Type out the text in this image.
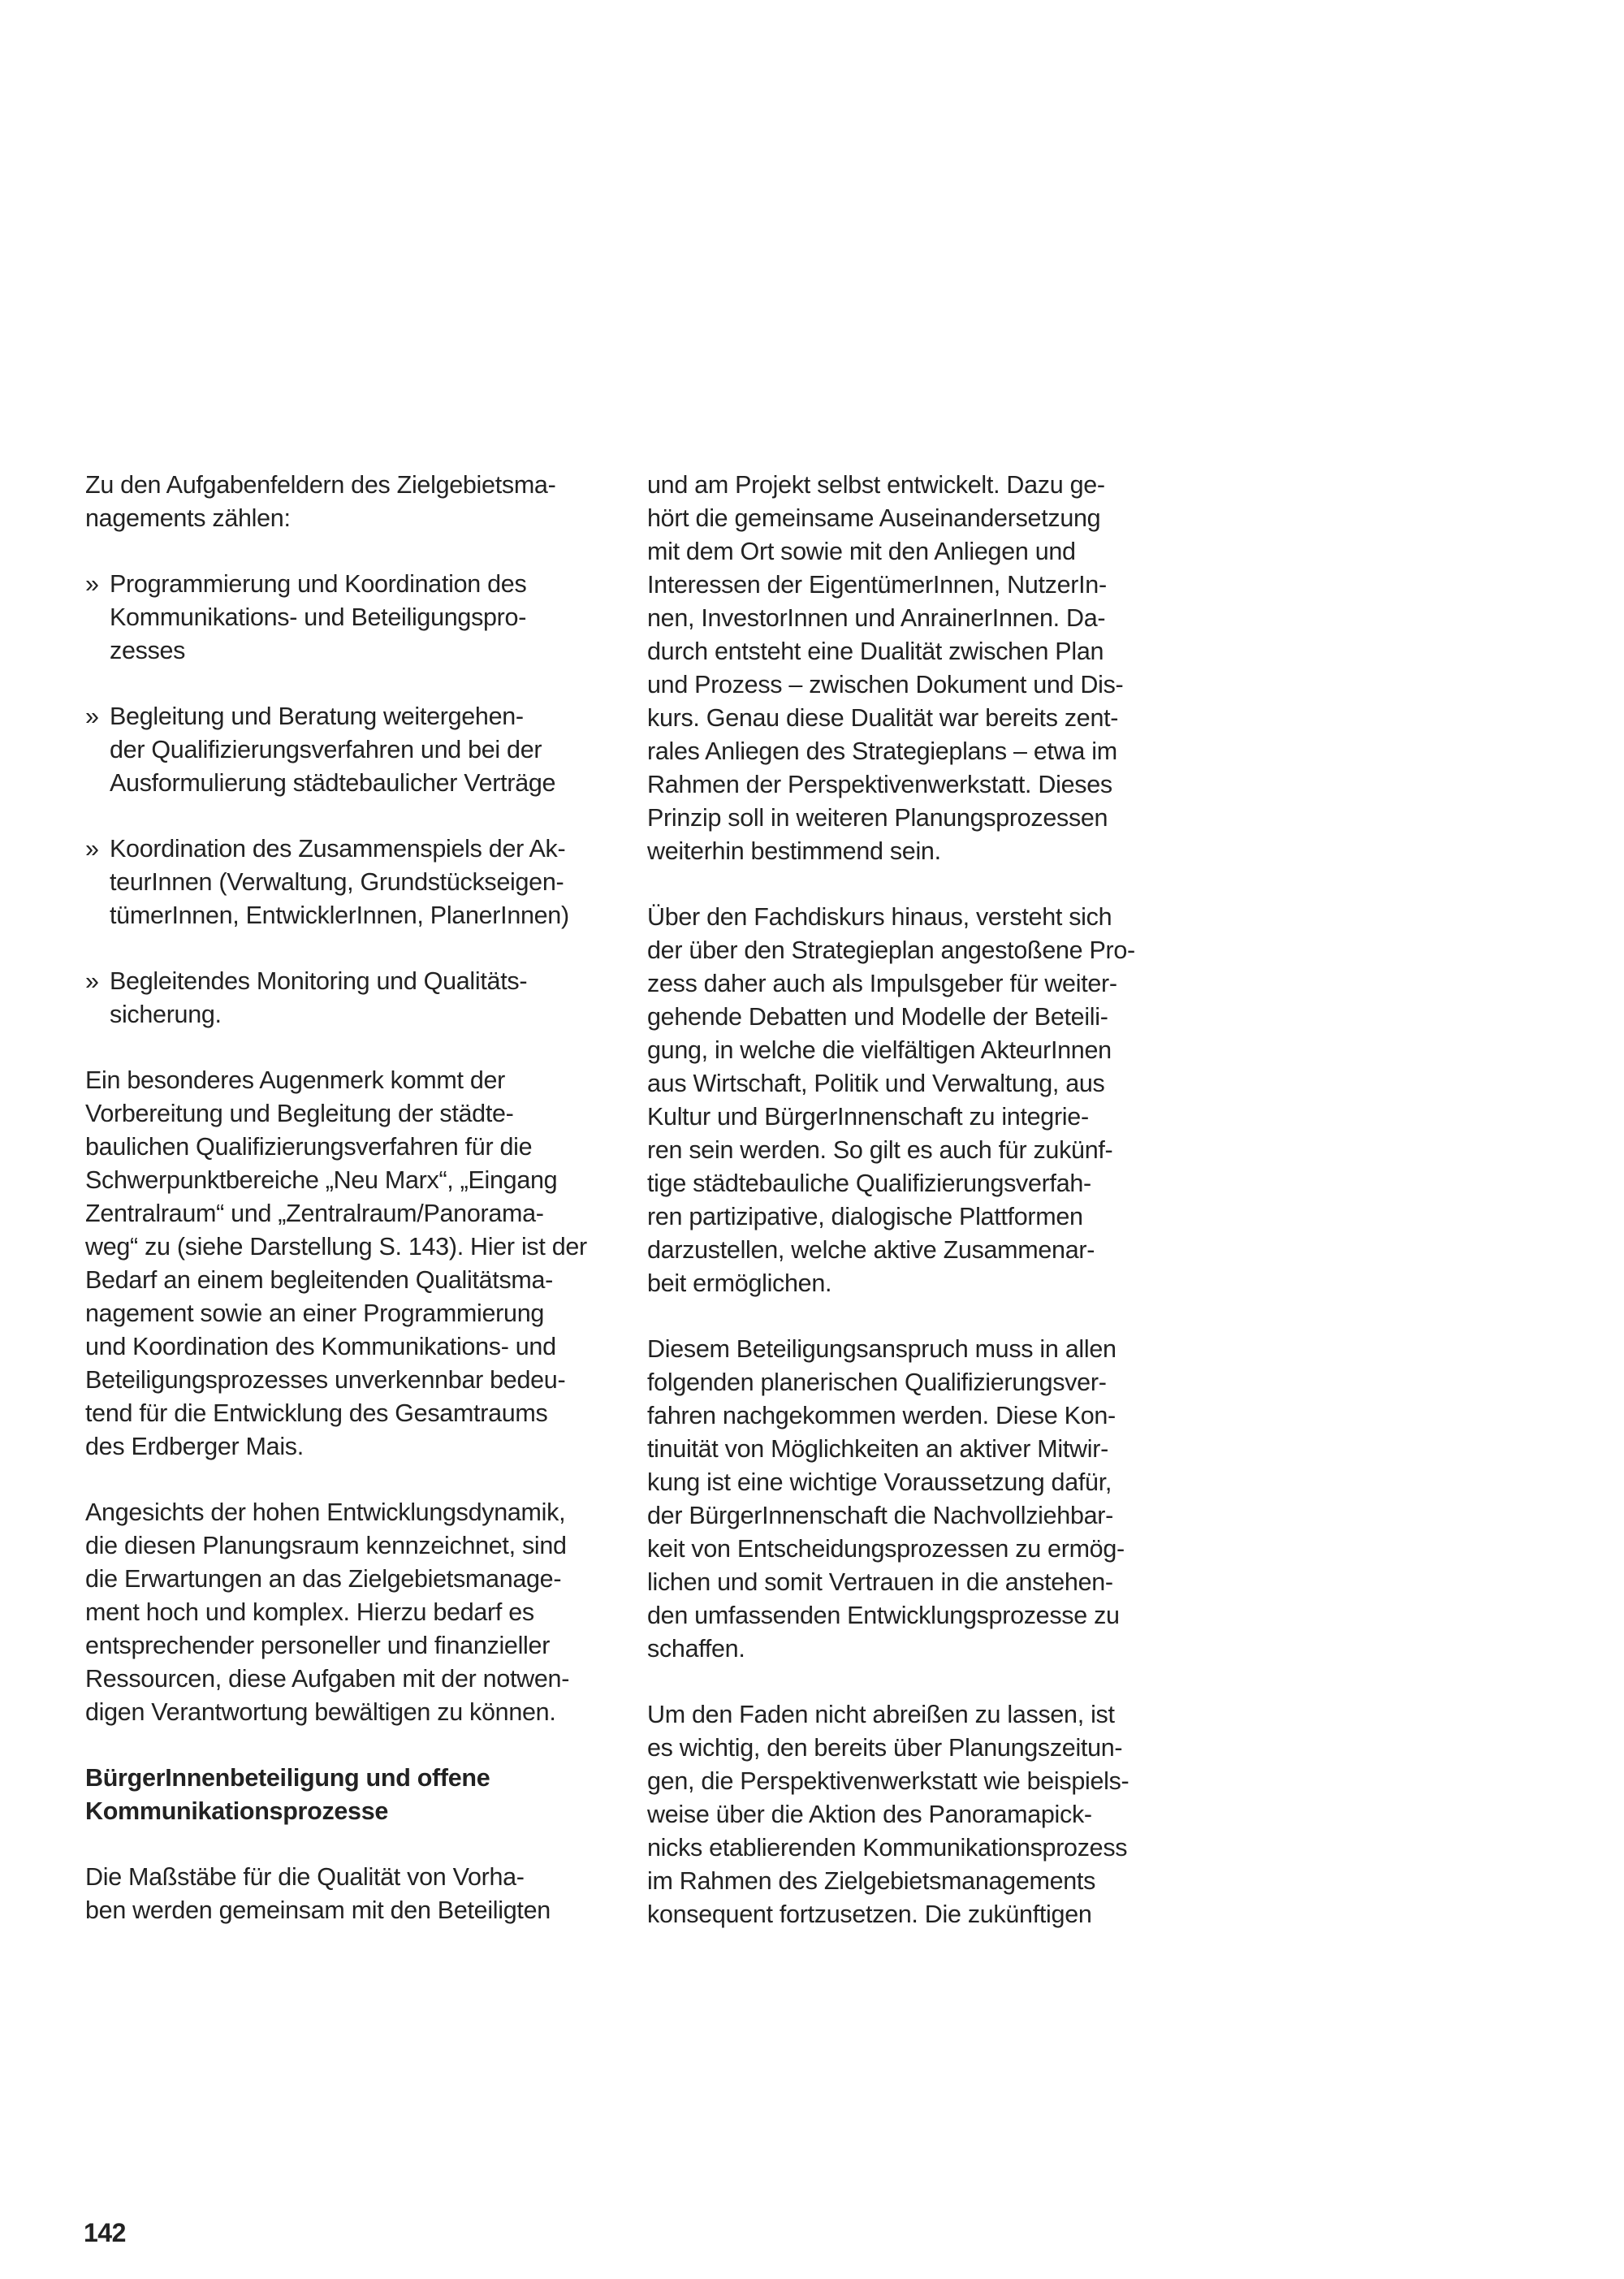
Zu den Aufgabenfeldern des Zielgebietsma-
nagements zählen:
» Programmierung und Koordination des
Kommunikations- und Beteiligungspro-
zesses
» Begleitung und Beratung weitergehen-
der Qualifizierungsverfahren und bei der
Ausformulierung städtebaulicher Verträge
» Koordination des Zusammenspiels der Ak-
teurInnen (Verwaltung, Grundstückseigen-
tümerInnen, EntwicklerInnen, PlanerInnen)
» Begleitendes Monitoring und Qualitäts-
sicherung.
Ein besonderes Augenmerk kommt der
Vorbereitung und Begleitung der städte-
baulichen Qualifizierungsverfahren für die
Schwerpunktbereiche „Neu Marx“, „Eingang
Zentralraum“ und „Zentralraum/Panorama-
weg“ zu (siehe Darstellung S. 143). Hier ist der
Bedarf an einem begleitenden Qualitätsma-
nagement sowie an einer Programmierung
und Koordination des Kommunikations- und
Beteiligungsprozesses unverkennbar bedeu-
tend für die Entwicklung des Gesamtraums
des Erdberger Mais.
Angesichts der hohen Entwicklungsdynamik,
die diesen Planungsraum kennzeichnet, sind
die Erwartungen an das Zielgebietsmanage-
ment hoch und komplex. Hierzu bedarf es
entsprechender personeller und finanzieller
Ressourcen, diese Aufgaben mit der notwen-
digen Verantwortung bewältigen zu können.
BürgerInnenbeteiligung und offene
Kommunikationsprozesse
Die Maßstäbe für die Qualität von Vorha-
ben werden gemeinsam mit den Beteiligten
und am Projekt selbst entwickelt. Dazu ge-
hört die gemeinsame Auseinandersetzung
mit dem Ort sowie mit den Anliegen und
Interessen der EigentümerInnen, NutzerIn-
nen, InvestorInnen und AnrainerInnen. Da-
durch entsteht eine Dualität zwischen Plan
und Prozess – zwischen Dokument und Dis-
kurs. Genau diese Dualität war bereits zent-
rales Anliegen des Strategieplans – etwa im
Rahmen der Perspektivenwerkstatt. Dieses
Prinzip soll in weiteren Planungsprozessen
weiterhin bestimmend sein.
Über den Fachdiskurs hinaus, versteht sich
der über den Strategieplan angestoßene Pro-
zess daher auch als Impulsgeber für weiter-
gehende Debatten und Modelle der Beteili-
gung, in welche die vielfältigen AkteurInnen
aus Wirtschaft, Politik und Verwaltung, aus
Kultur und BürgerInnenschaft zu integrie-
ren sein werden. So gilt es auch für zukünf-
tige städtebauliche Qualifizierungsverfah-
ren partizipative, dialogische Plattformen
darzustellen, welche aktive Zusammenar-
beit ermöglichen.
Diesem Beteiligungsanspruch muss in allen
folgenden planerischen Qualifizierungsver-
fahren nachgekommen werden. Diese Kon-
tinuität von Möglichkeiten an aktiver Mitwir-
kung ist eine wichtige Voraussetzung dafür,
der BürgerInnenschaft die Nachvollziehbar-
keit von Entscheidungsprozessen zu ermög-
lichen und somit Vertrauen in die anstehen-
den umfassenden Entwicklungsprozesse zu
schaffen.
Um den Faden nicht abreißen zu lassen, ist
es wichtig, den bereits über Planungszeitun-
gen, die Perspektivenwerkstatt wie beispiels-
weise über die Aktion des Panoramapick-
nicks etablierenden Kommunikationsprozess
im Rahmen des Zielgebietsmanagements
konsequent fortzusetzen. Die zukünftigen
142
